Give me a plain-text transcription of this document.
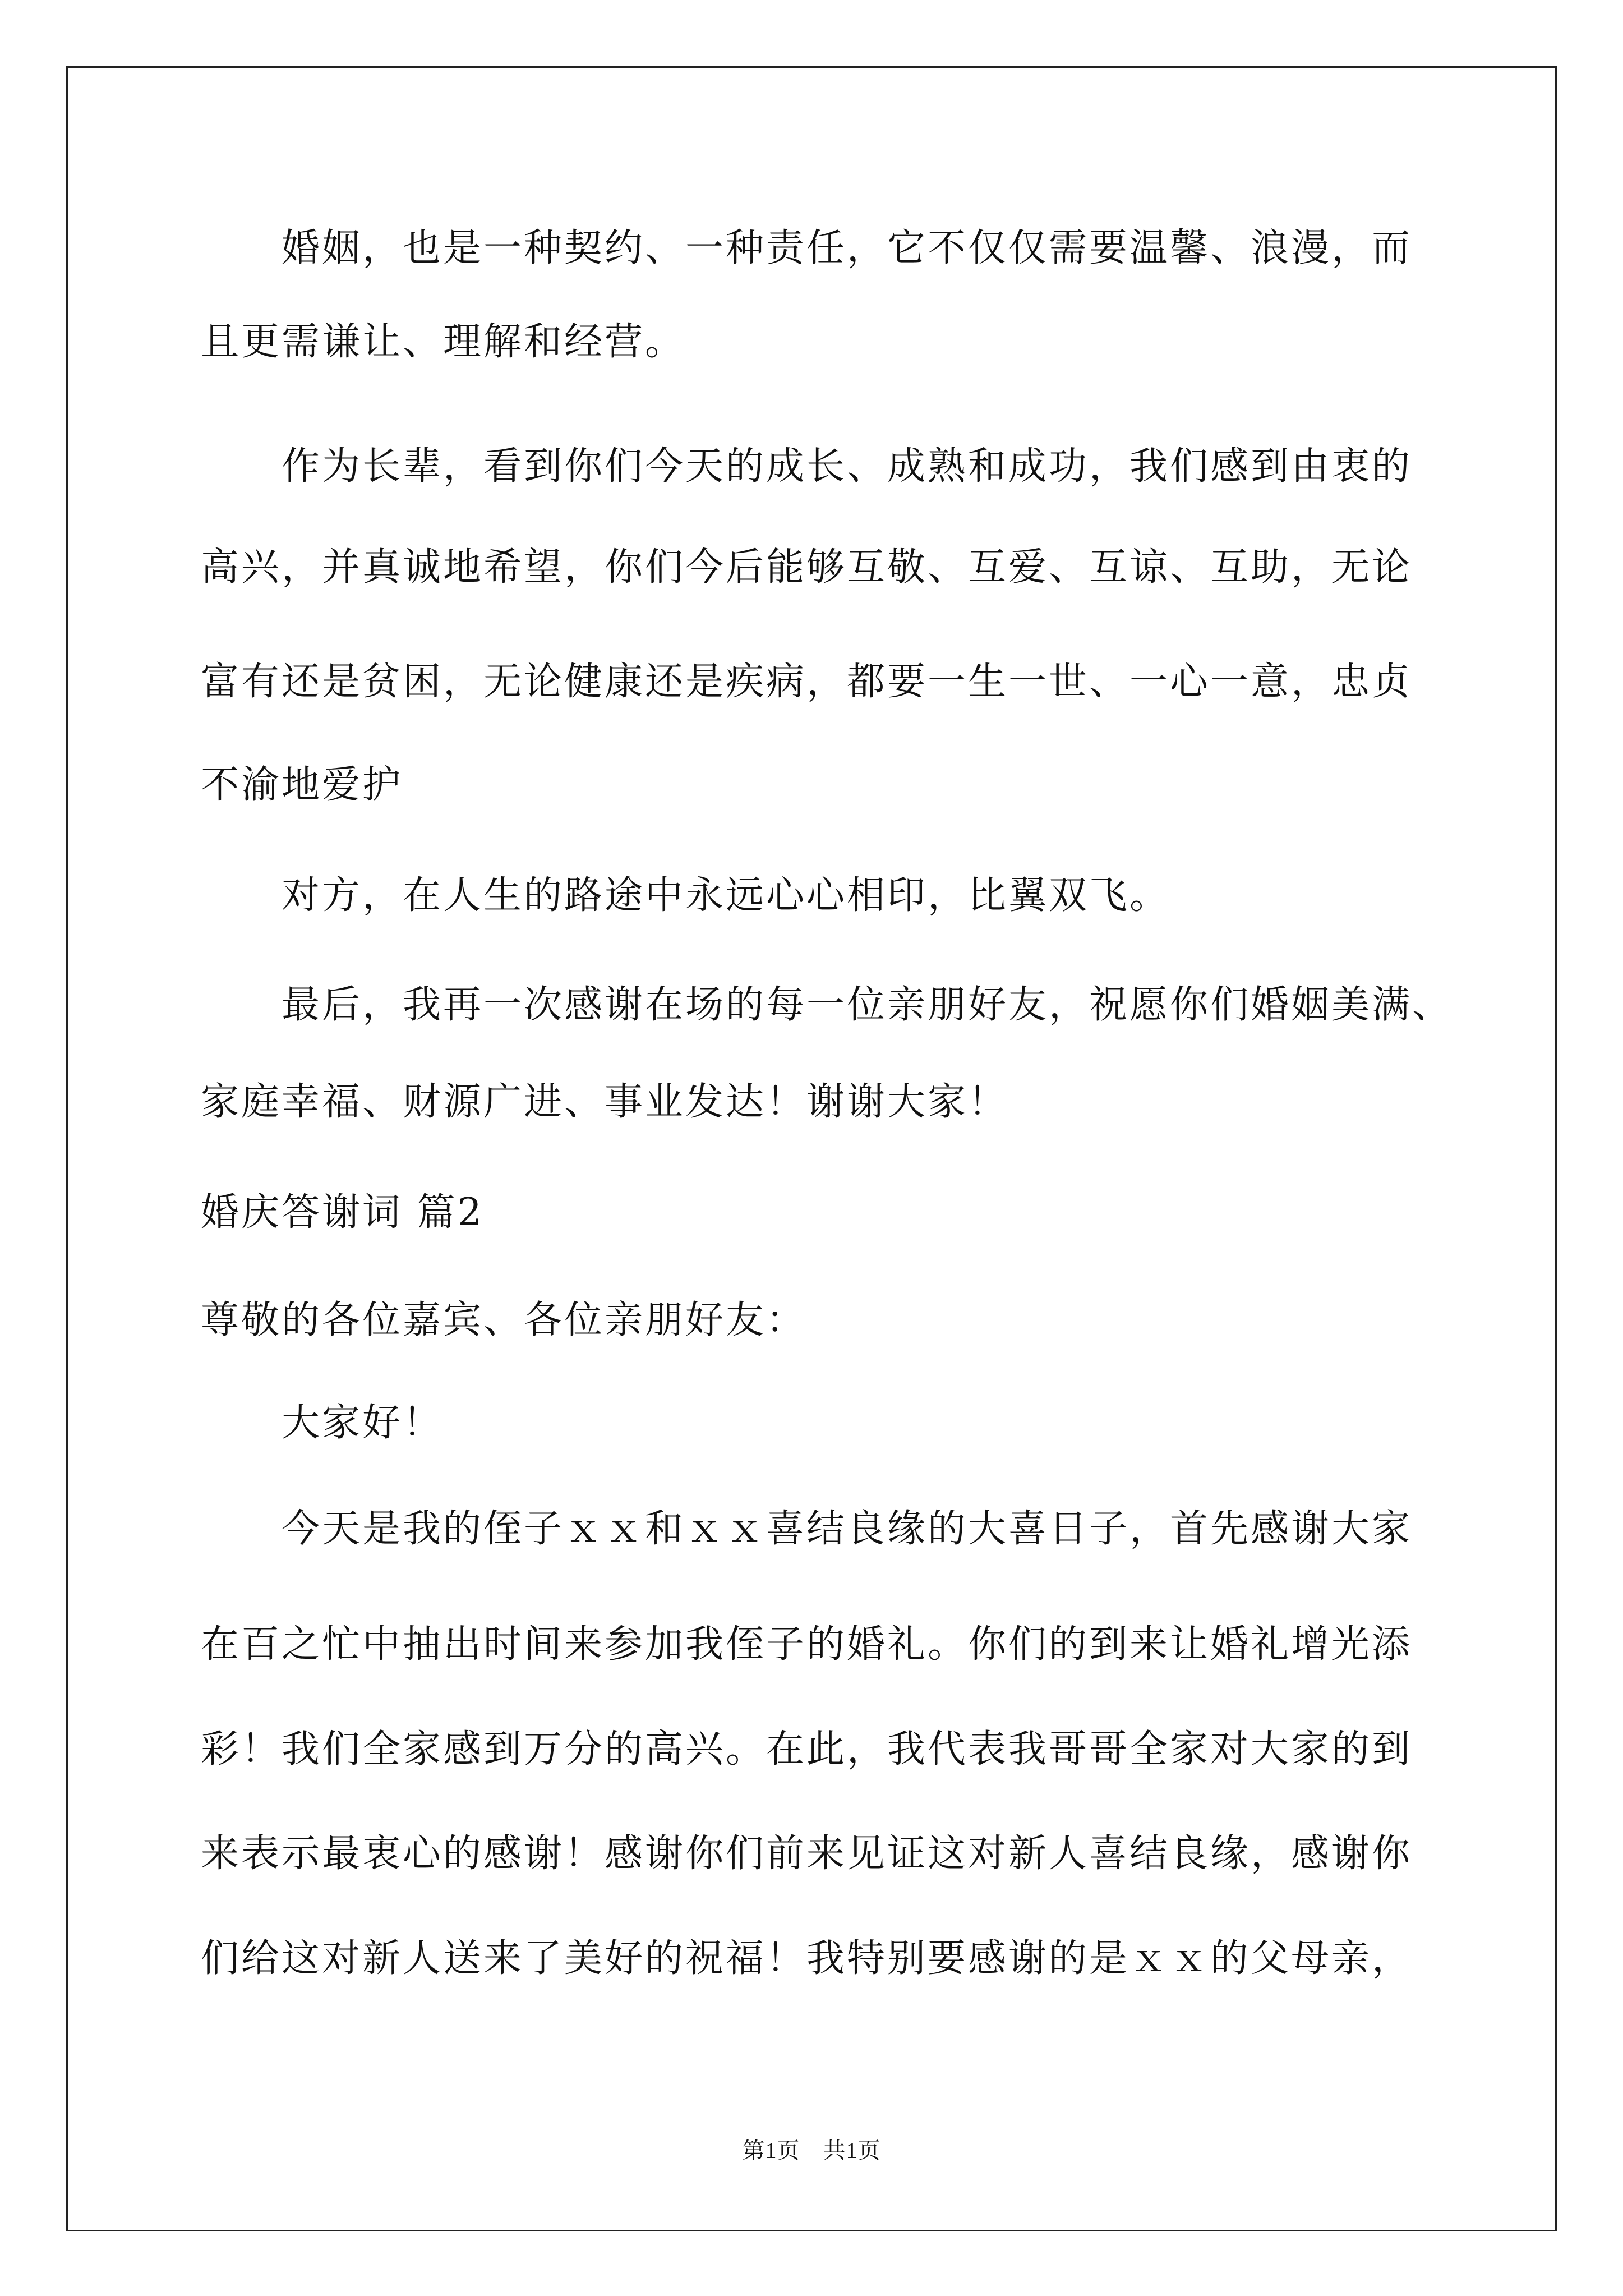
婚姻，也是一种契约、一种责任，它不仅仅需要温馨、浪漫，而
且更需谦让、理解和经营。
作为长辈，看到你们今天的成长、成熟和成功，我们感到由衷的
高兴，并真诚地希望，你们今后能够互敬、互爱、互谅、互助，无论
富有还是贫困，无论健康还是疾病，都要一生一世、一心一意，忠贞
不渝地爱护
对方，在人生的路途中永远心心相印，比翼双飞。
最后，我再一次感谢在场的每一位亲朋好友，祝愿你们婚姻美满、
家庭幸福、财源广进、事业发达！谢谢大家！
婚庆答谢词 篇2
尊敬的各位嘉宾、各位亲朋好友：
大家好！
今天是我的侄子ｘｘ和ｘｘ喜结良缘的大喜日子，首先感谢大家
在百之忙中抽出时间来参加我侄子的婚礼。你们的到来让婚礼增光添
彩！我们全家感到万分的高兴。在此，我代表我哥哥全家对大家的到
来表示最衷心的感谢！感谢你们前来见证这对新人喜结良缘，感谢你
们给这对新人送来了美好的祝福！我特别要感谢的是ｘｘ的父母亲，
第1页　共1页
